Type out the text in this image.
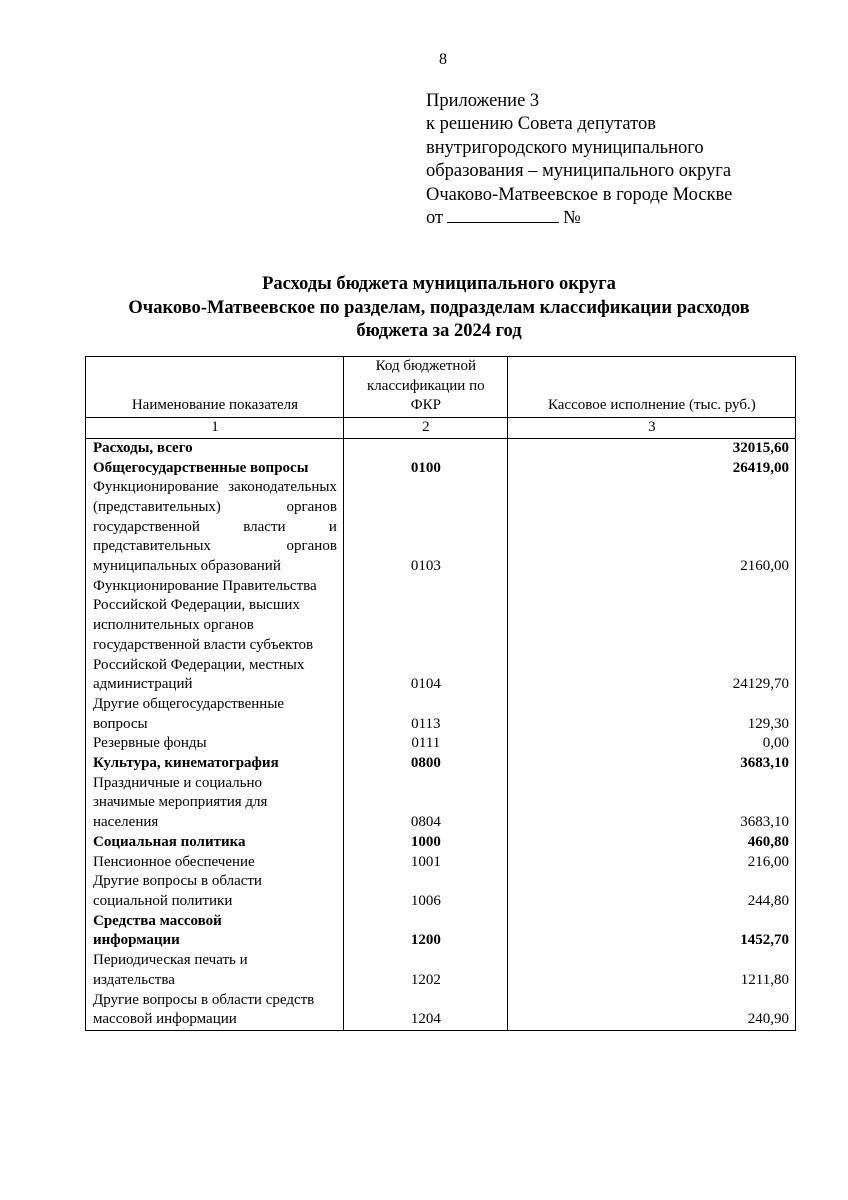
8
Приложение 3
к решению Совета депутатов
внутригородского муниципального
образования – муниципального округа
Очаково-Матвеевское в городе Москве
от	№
Расходы бюджета муниципального округа
Очаково-Матвеевское по разделам, подразделам классификации расходов
бюджета за 2024 год
Наименование показателя	Код бюджетной классификации по ФКР	Кассовое исполнение (тыс. руб.)
1	2	3
Расходы, всего		32015,60
Общегосударственные вопросы	0100	26419,00
Функционирование законодательных (представительных) органов государственной власти и представительных органов муниципальных образований	0103	2160,00

Функционирование Правительства Российской Федерации, высших исполнительных органов государственной власти субъектов Российской Федерации, местных администраций	0104	24129,70
Другие общегосударственные вопросы	0113	129,30
Резервные фонды	0111	0,00
Культура, кинематография	0800	3683,10

Праздничные и социально значимые мероприятия для населения	0804	3683,10
Социальная политика	1000	460,80
Пенсионное обеспечение	1001	216,00

Другие вопросы в области социальной политики	1006	244,80

Средства массовой информации	1200	1452,70

Периодическая печать и издательства	1202	1211,80
Другие вопросы в области средств массовой информации	1204	240,90
